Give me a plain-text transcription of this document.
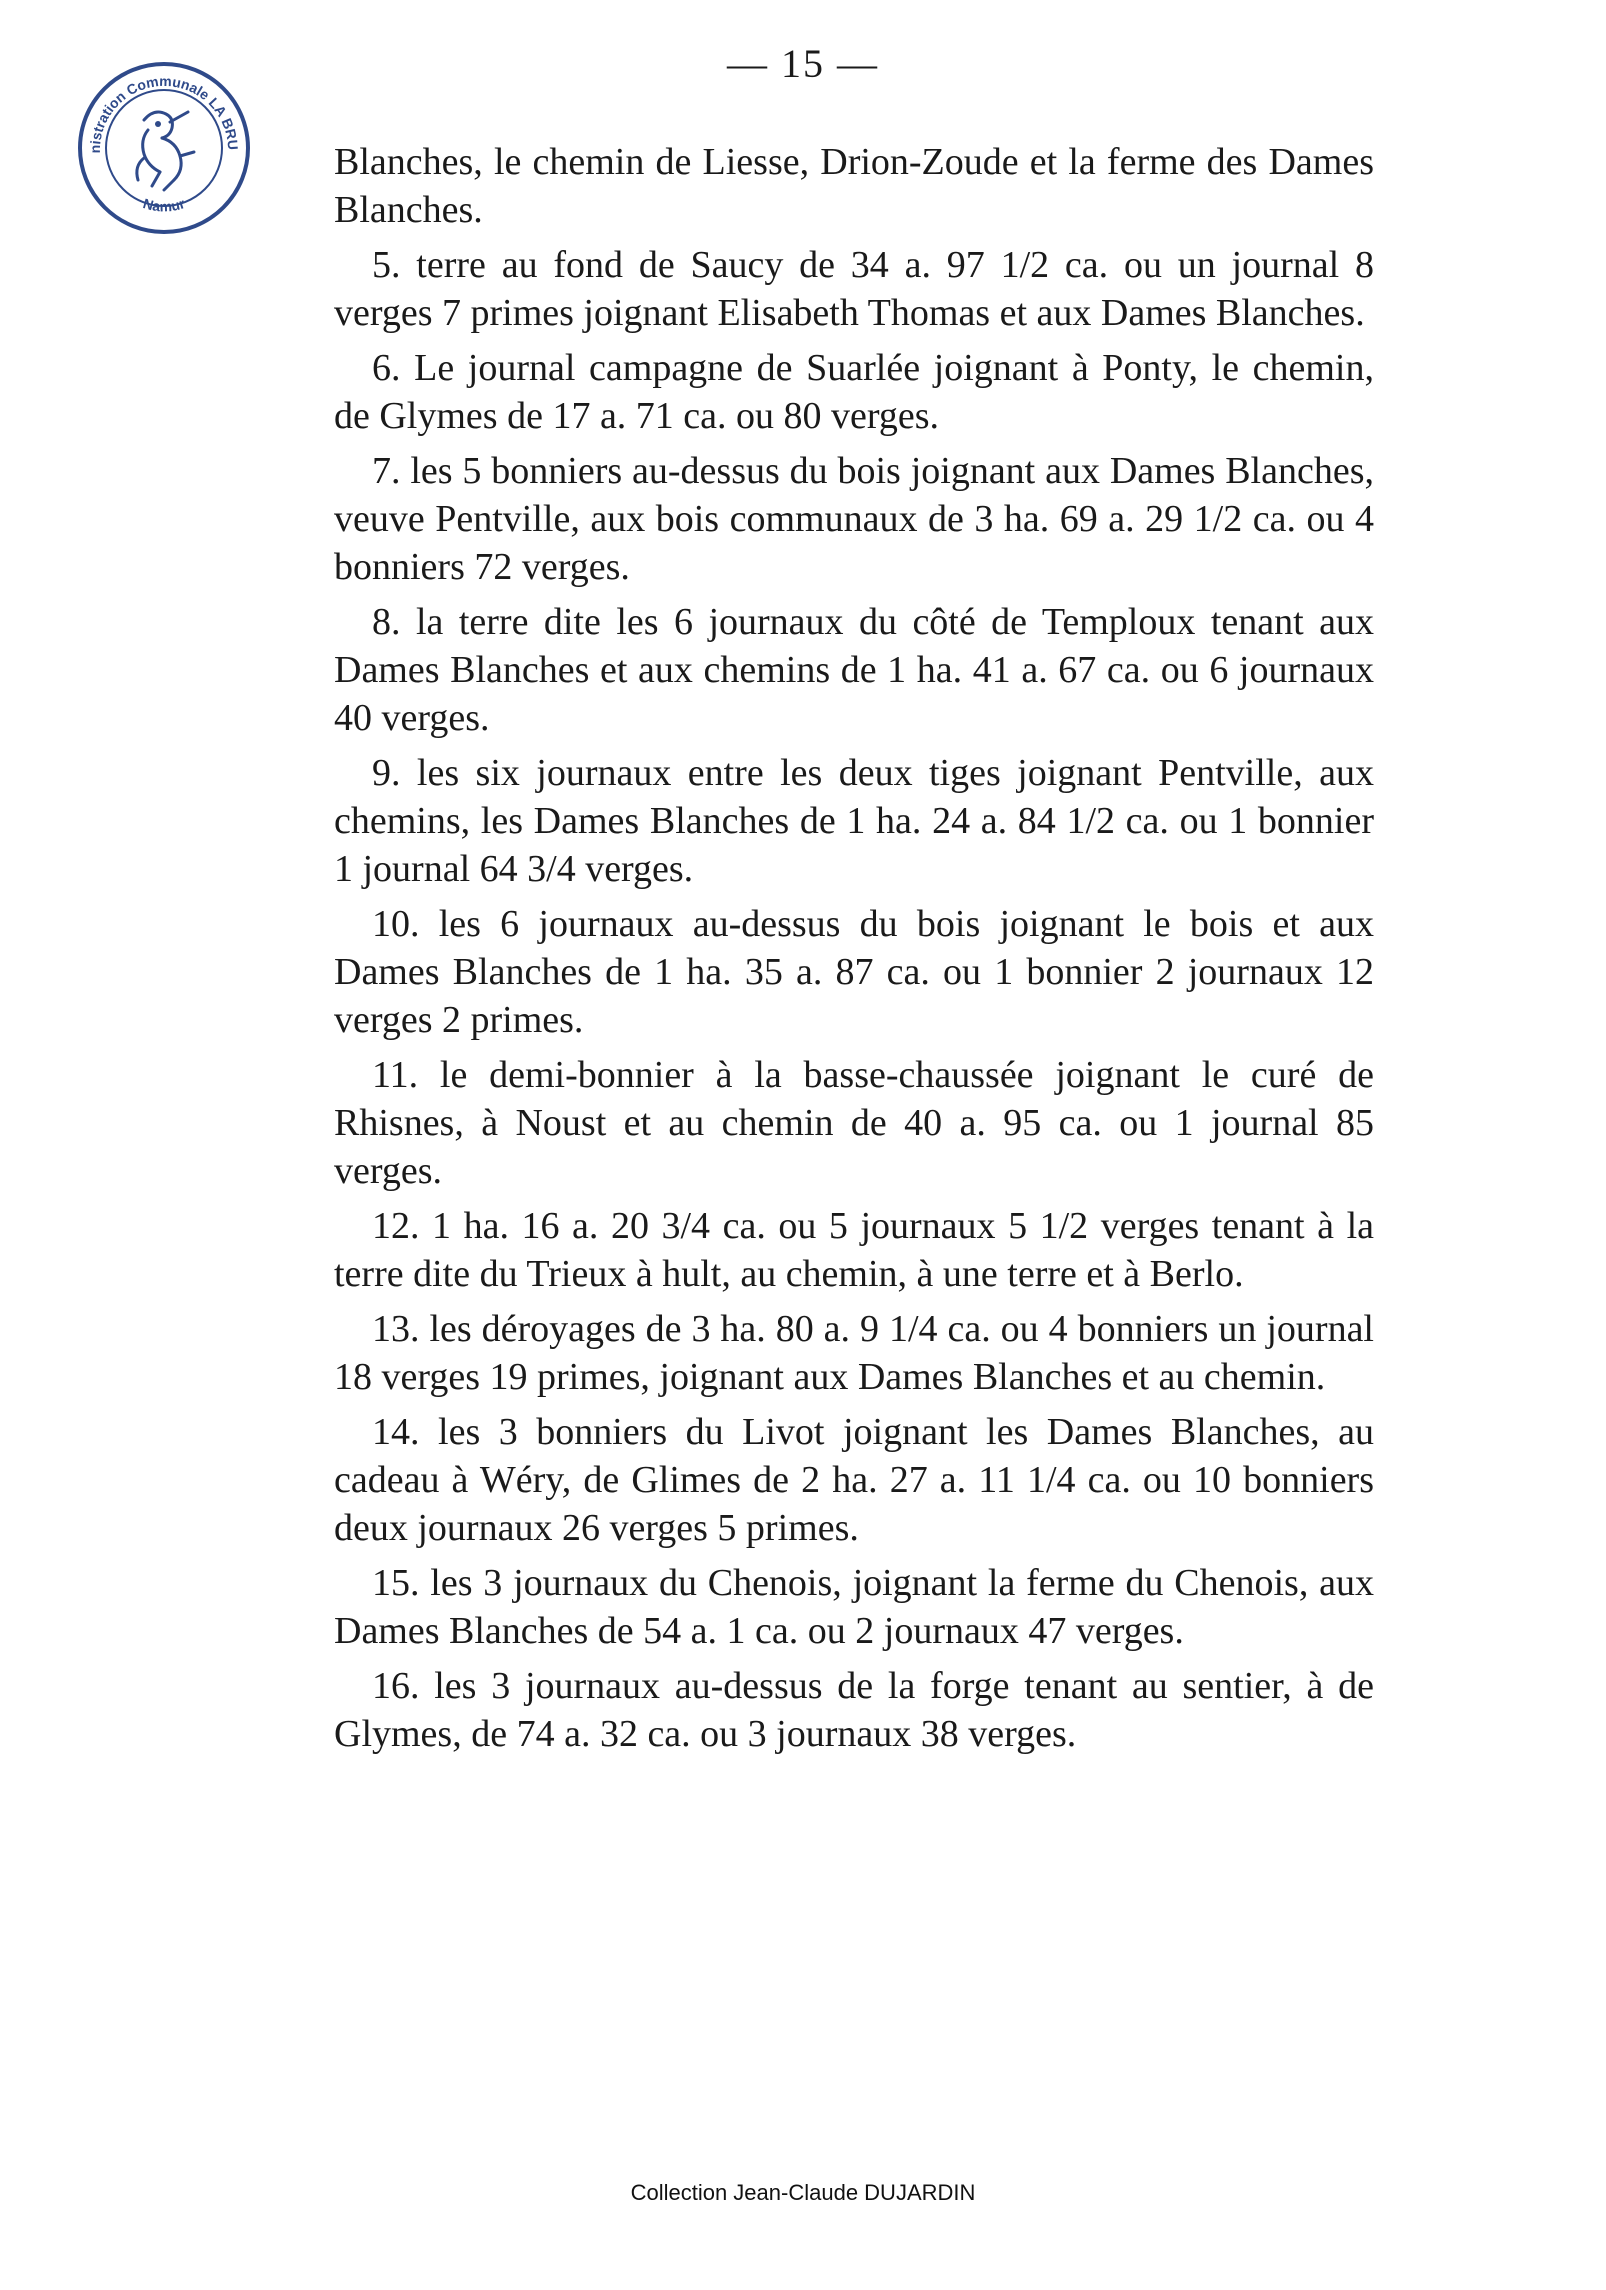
— 15 —
nistration Communale LA BRU
Namur

Blanches, le chemin de Liesse, Drion-Zoude et la ferme des Dames Blanches.

5. terre au fond de Saucy de 34 a. 97 1/2 ca. ou un journal 8 verges 7 primes joignant Elisabeth Thomas et aux Dames Blanches.

6. Le journal campagne de Suarlée joignant à Ponty, le chemin, de Glymes de 17 a. 71 ca. ou 80 verges.

7. les 5 bonniers au-dessus du bois joignant aux Dames Blanches, veuve Pentville, aux bois communaux de 3 ha. 69 a. 29 1/2 ca. ou 4 bonniers 72 verges.

8. la terre dite les 6 journaux du côté de Temploux tenant aux Dames Blanches et aux chemins de 1 ha. 41 a. 67 ca. ou 6 journaux 40 verges.

9. les six journaux entre les deux tiges joignant Pentville, aux chemins, les Dames Blanches de 1 ha. 24 a. 84 1/2 ca. ou 1 bonnier 1 journal 64 3/4 verges.

10. les 6 journaux au-dessus du bois joignant le bois et aux Dames Blanches de 1 ha. 35 a. 87 ca. ou 1 bonnier 2 journaux 12 verges 2 primes.

11. le demi-bonnier à la basse-chaussée joignant le curé de Rhisnes, à Noust et au chemin de 40 a. 95 ca. ou 1 journal 85 verges.

12. 1 ha. 16 a. 20 3/4 ca. ou 5 journaux 5 1/2 verges tenant à la terre dite du Trieux à hult, au chemin, à une terre et à Berlo.

13. les déroyages de 3 ha. 80 a. 9 1/4 ca. ou 4 bonniers un journal 18 verges 19 primes, joignant aux Dames Blanches et au chemin.

14. les 3 bonniers du Livot joignant les Dames Blanches, au cadeau à Wéry, de Glimes de 2 ha. 27 a. 11 1/4 ca. ou 10 bonniers deux journaux 26 verges 5 primes.

15. les 3 journaux du Chenois, joignant la ferme du Chenois, aux Dames Blanches de 54 a. 1 ca. ou 2 journaux 47 verges.

16. les 3 journaux au-dessus de la forge tenant au sentier, à de Glymes, de 74 a. 32 ca. ou 3 journaux 38 verges.

Collection Jean-Claude DUJARDIN
